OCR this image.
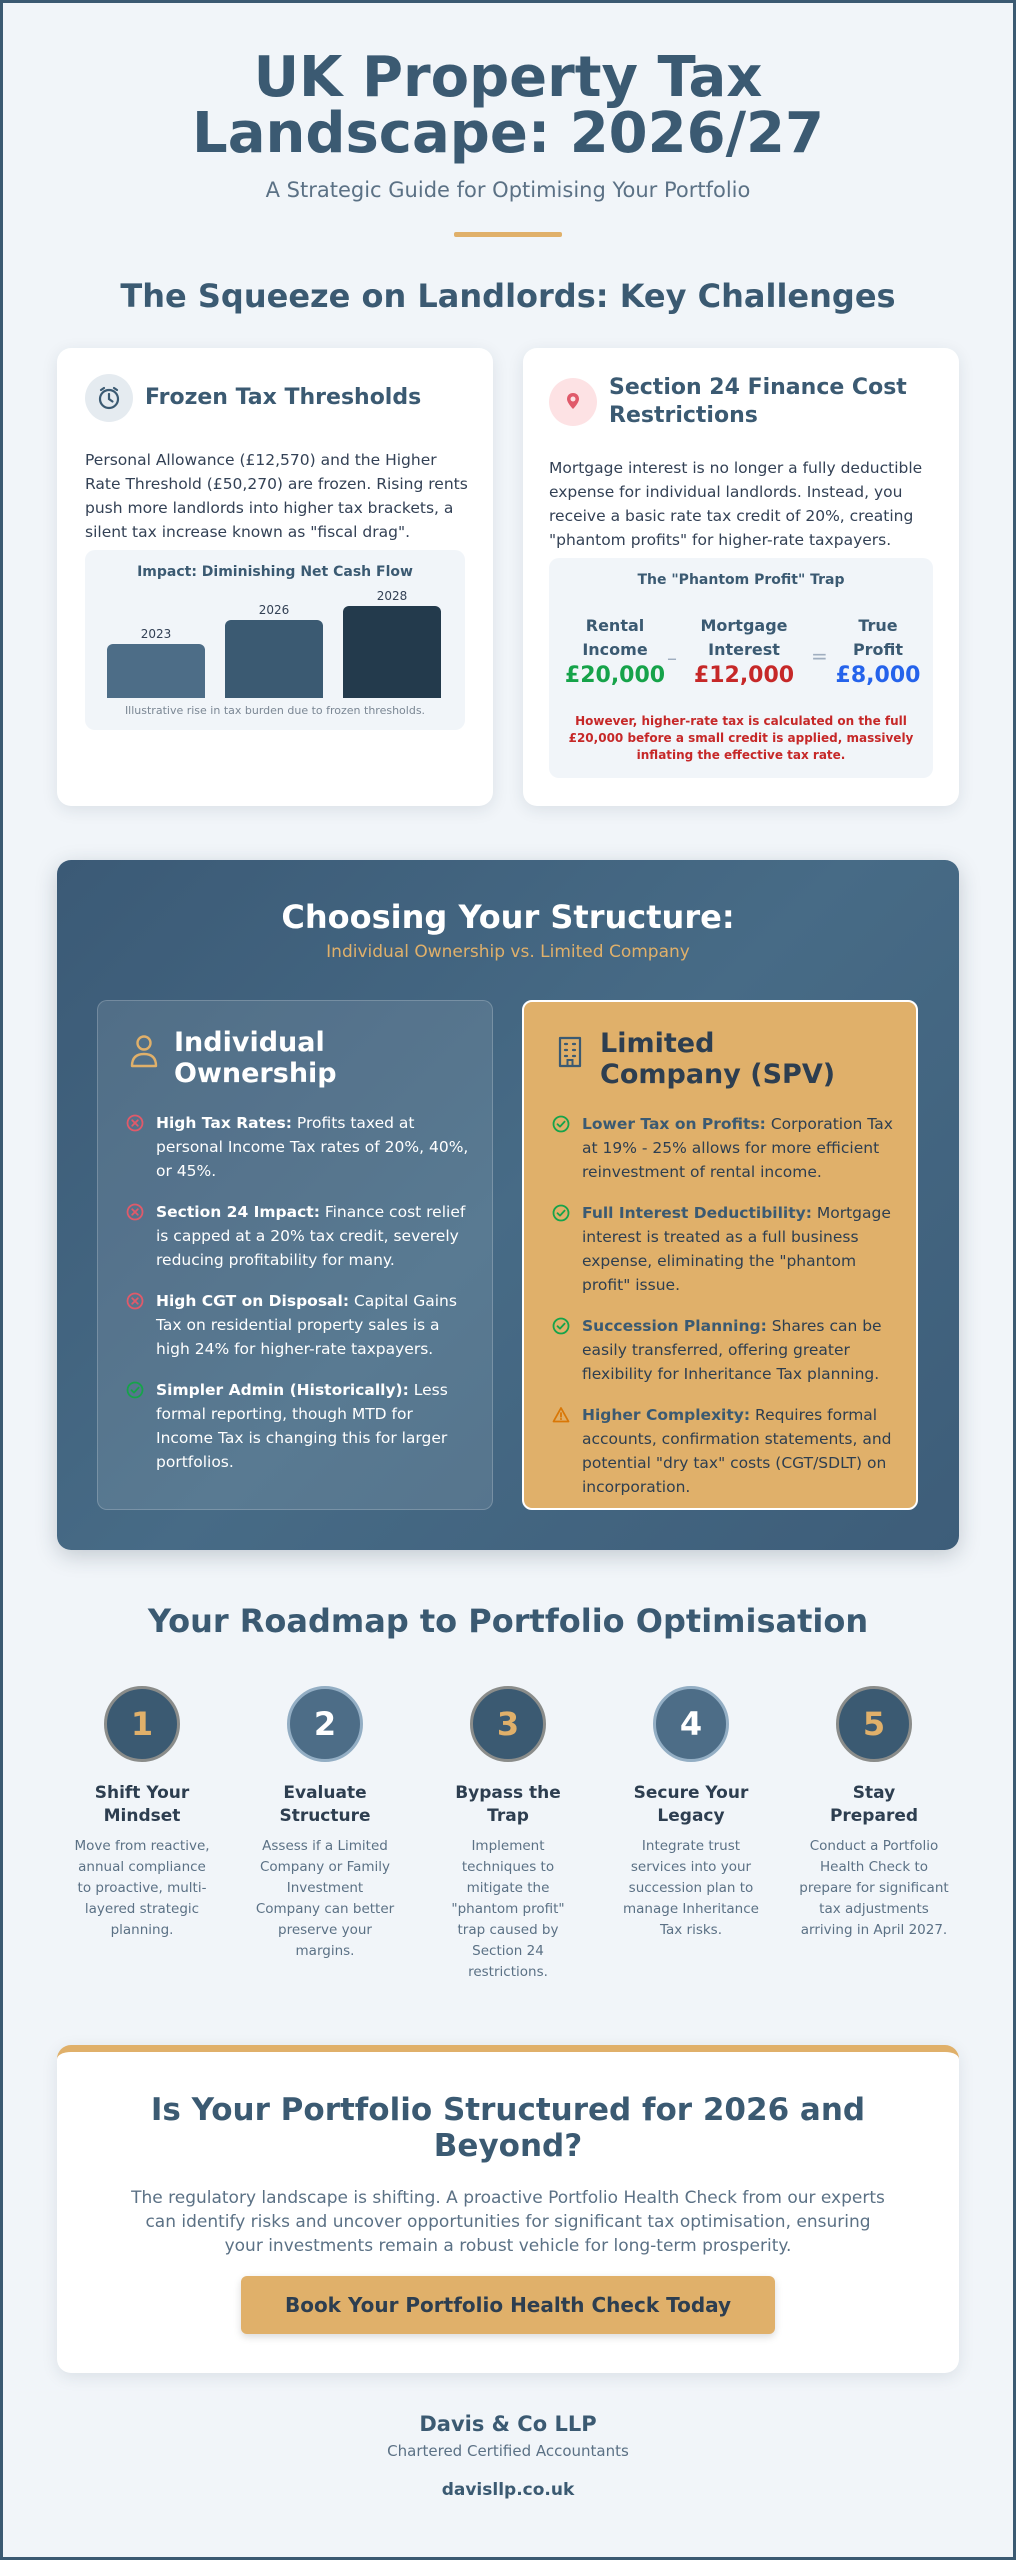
UK Property Tax Landscape: 2026/27
A Strategic Guide for Optimising Your Portfolio
The Squeeze on Landlords: Key Challenges
Frozen Tax Thresholds
Personal Allowance (£12,570) and the Higher Rate Threshold (£50,270) are frozen. Rising rents push more landlords into higher tax brackets, a silent tax increase known as "fiscal drag".
Impact: Diminishing Net Cash Flow
2023
2026
2028
Illustrative rise in tax burden due to frozen thresholds.
Section 24 Finance Cost Restrictions
Mortgage interest is no longer a fully deductible expense for individual landlords. Instead, you receive a basic rate tax credit of 20%, creating "phantom profits" for higher-rate taxpayers.
The "Phantom Profit" Trap
Rental Income
£20,000
–
Mortgage Interest
£12,000
=
True Profit
£8,000
However, higher-rate tax is calculated on the full £20,000 before a small credit is applied, massively inflating the effective tax rate.
Choosing Your Structure:
Individual Ownership vs. Limited Company
Individual Ownership
High Tax Rates: Profits taxed at personal Income Tax rates of 20%, 40%, or 45%.
Section 24 Impact: Finance cost relief is capped at a 20% tax credit, severely reducing profitability for many.
High CGT on Disposal: Capital Gains Tax on residential property sales is a high 24% for higher-rate taxpayers.
Simpler Admin (Historically): Less formal reporting, though MTD for Income Tax is changing this for larger portfolios.
Limited Company (SPV)
Lower Tax on Profits: Corporation Tax at 19% - 25% allows for more efficient reinvestment of rental income.
Full Interest Deductibility: Mortgage interest is treated as a full business expense, eliminating the "phantom profit" issue.
Succession Planning: Shares can be easily transferred, offering greater flexibility for Inheritance Tax planning.
Higher Complexity: Requires formal accounts, confirmation statements, and potential "dry tax" costs (CGT/SDLT) on incorporation.
Your Roadmap to Portfolio Optimisation
1
Shift Your Mindset
Move from reactive, annual compliance to proactive, multi-layered strategic planning.
2
Evaluate Structure
Assess if a Limited Company or Family Investment Company can better preserve your margins.
3
Bypass the Trap
Implement techniques to mitigate the "phantom profit" trap caused by Section 24 restrictions.
4
Secure Your Legacy
Integrate trust services into your succession plan to manage Inheritance Tax risks.
5
Stay Prepared
Conduct a Portfolio Health Check to prepare for significant tax adjustments arriving in April 2027.
Is Your Portfolio Structured for 2026 and Beyond?
The regulatory landscape is shifting. A proactive Portfolio Health Check from our experts can identify risks and uncover opportunities for significant tax optimisation, ensuring your investments remain a robust vehicle for long-term prosperity.
Book Your Portfolio Health Check Today
Davis & Co LLP
Chartered Certified Accountants
davisllp.co.uk
